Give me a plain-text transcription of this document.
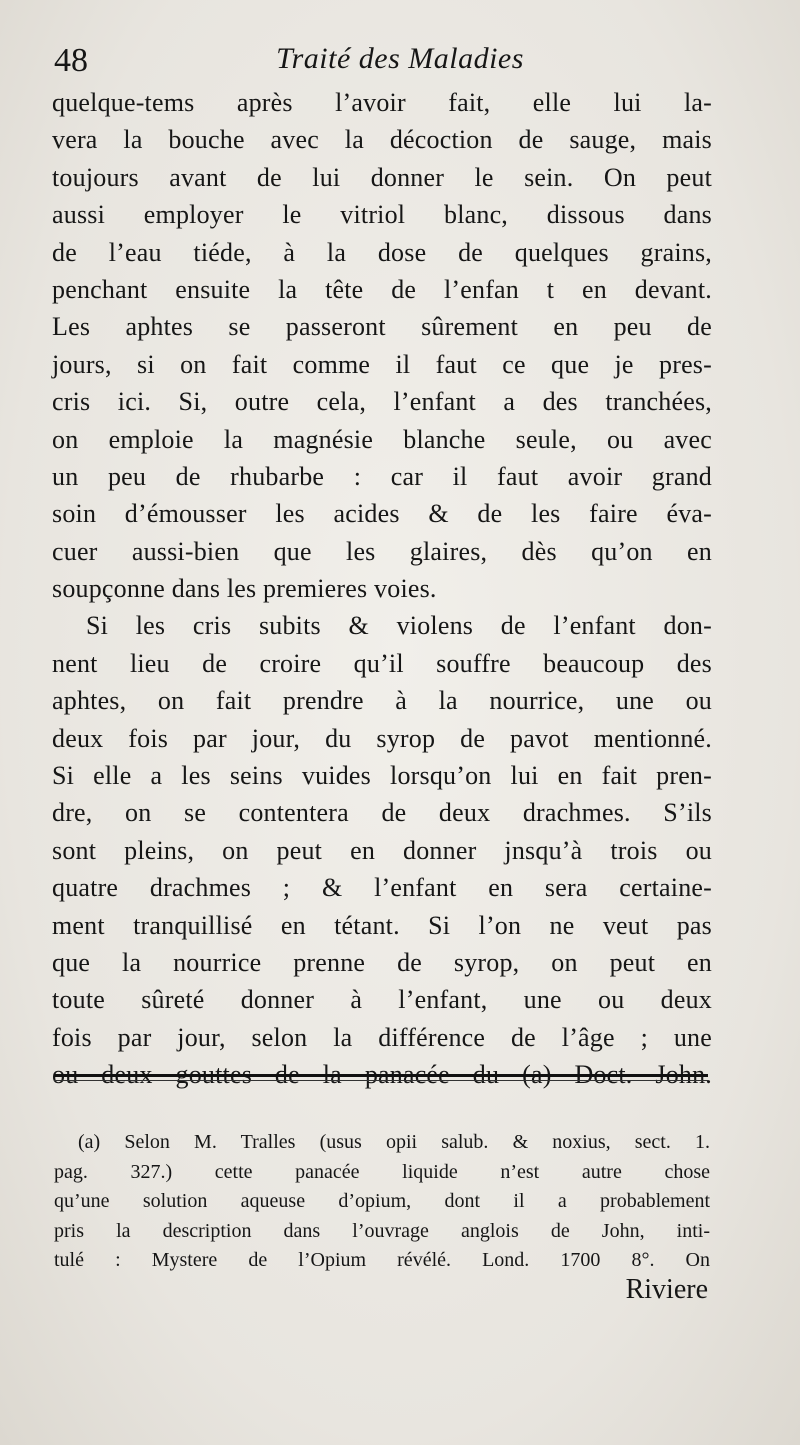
48	Traité des Maladies
quelque-tems après l’avoir fait, elle lui la-
vera la bouche avec la décoction de sauge, mais
toujours avant de lui donner le sein. On peut
aussi employer le vitriol blanc, dissous dans
de l’eau tiéde, à la dose de quelques grains,
penchant ensuite la tête de l’enfan t en devant.
Les aphtes se passeront sûrement en peu de
jours, si on fait comme il faut ce que je pres-
cris ici. Si, outre cela, l’enfant a des tranchées,
on emploie la magnésie blanche seule, ou avec
un peu de rhubarbe : car il faut avoir grand
soin d’émousser les acides & de les faire éva-
cuer aussi-bien que les glaires, dès qu’on en
soupçonne dans les premieres voies.
Si les cris subits & violens de l’enfant don-
nent lieu de croire qu’il souffre beaucoup des
aphtes, on fait prendre à la nourrice, une ou
deux fois par jour, du syrop de pavot mentionné.
Si elle a les seins vuides lorsqu’on lui en fait pren-
dre, on se contentera de deux drachmes. S’ils
sont pleins, on peut en donner jnsqu’à trois ou
quatre drachmes ; & l’enfant en sera certaine-
ment tranquillisé en tétant. Si l’on ne veut pas
que la nourrice prenne de syrop, on peut en
toute sûreté donner à l’enfant, une ou deux
fois par jour, selon la différence de l’âge ; une
ou deux gouttes de la panacée du (a) Doct. John.
(a) Selon M. Tralles (usus opii salub. & noxius, sect. 1.
pag. 327.) cette panacée liquide n’est autre chose
qu’une solution aqueuse d’opium, dont il a probablement
pris la description dans l’ouvrage anglois de John, inti-
tulé : Mystere de l’Opium révélé. Lond. 1700 8°. On
Riviere
